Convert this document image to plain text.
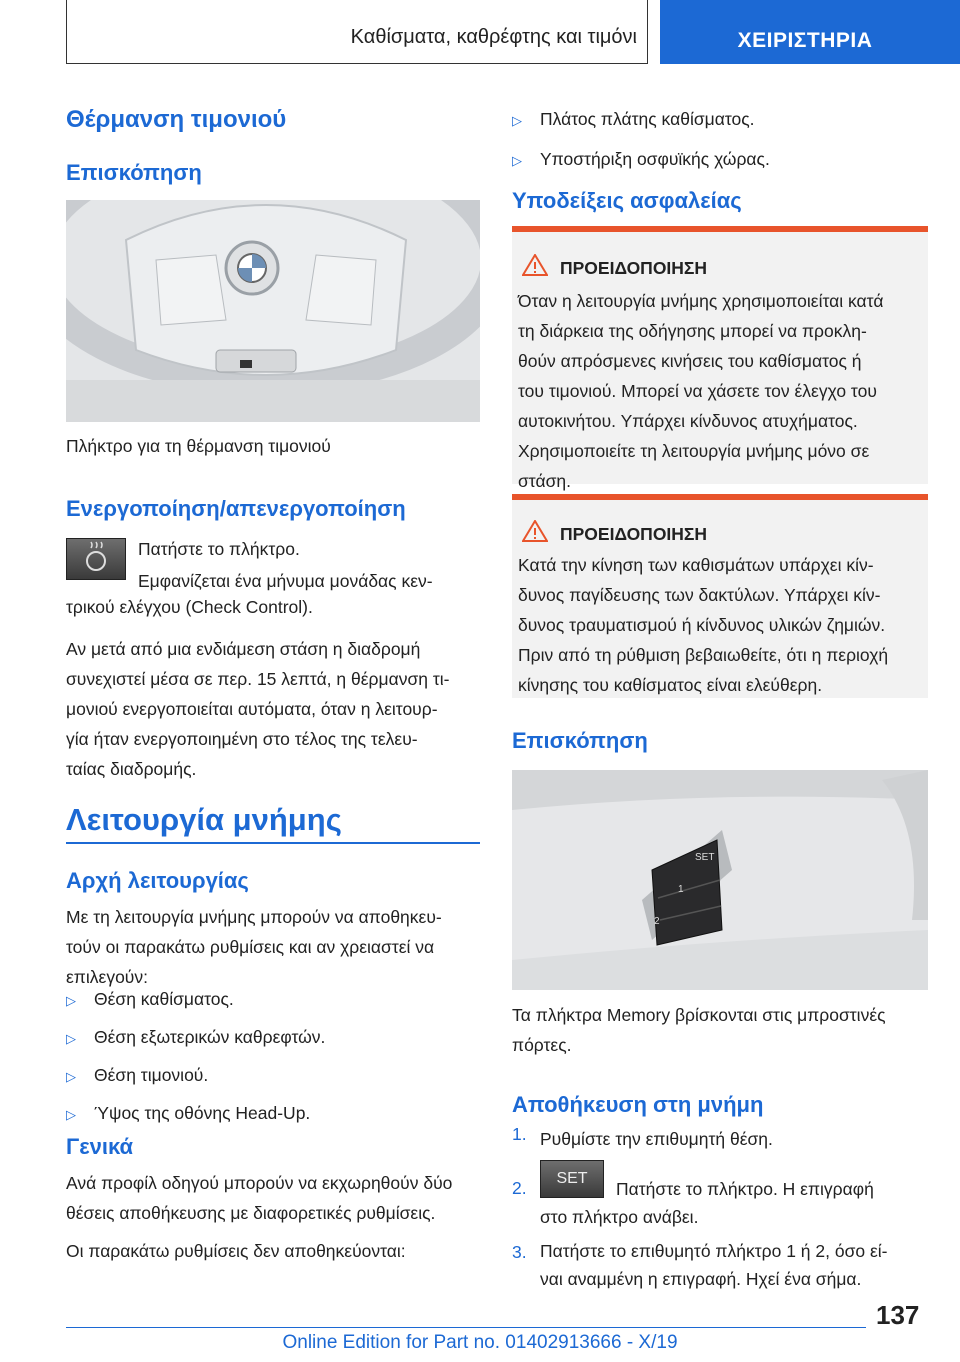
Καθίσματα, καθρέφτης και τιμόνι	ΧΕΙΡΙΣΤΗΡΙΑ
Θέρμανση τιμονιού
Επισκόπηση
Πλήκτρο για τη θέρμανση τιμονιού
Ενεργοποίηση/απενεργοποίηση
Πατήστε το πλήκτρο.
Εμφανίζεται ένα μήνυμα μονάδας κεν-
τρικού ελέγχου (Check Control).
Αν μετά από μια ενδιάμεση στάση η διαδρομή
συνεχιστεί μέσα σε περ. 15 λεπτά, η θέρμανση τι-
μονιού ενεργοποιείται αυτόματα, όταν η λειτουρ-
γία ήταν ενεργοποιημένη στο τέλος της τελευ-
ταίας διαδρομής.
Λειτουργία μνήμης
Αρχή λειτουργίας
Με τη λειτουργία μνήμης μπορούν να αποθηκευ-
τούν οι παρακάτω ρυθμίσεις και αν χρειαστεί να
επιλεγούν:
▷ Θέση καθίσματος.
▷ Θέση εξωτερικών καθρεφτών.
▷ Θέση τιμονιού.
▷ Ύψος της οθόνης Head-Up.
Γενικά
Ανά προφίλ οδηγού μπορούν να εκχωρηθούν δύο
θέσεις αποθήκευσης με διαφορετικές ρυθμίσεις.
Οι παρακάτω ρυθμίσεις δεν αποθηκεύονται:
▷ Πλάτος πλάτης καθίσματος.
▷ Υποστήριξη οσφυϊκής χώρας.
Υποδείξεις ασφαλείας
ΠΡΟΕΙΔΟΠΟΙΗΣΗ
Όταν η λειτουργία μνήμης χρησιμοποιείται κατά
τη διάρκεια της οδήγησης μπορεί να προκλη-
θούν απρόσμενες κινήσεις του καθίσματος ή
του τιμονιού. Μπορεί να χάσετε τον έλεγχο του
αυτοκινήτου. Υπάρχει κίνδυνος ατυχήματος.
Χρησιμοποιείτε τη λειτουργία μνήμης μόνο σε
στάση.
ΠΡΟΕΙΔΟΠΟΙΗΣΗ
Κατά την κίνηση των καθισμάτων υπάρχει κίν-
δυνος παγίδευσης των δακτύλων. Υπάρχει κίν-
δυνος τραυματισμού ή κίνδυνος υλικών ζημιών.
Πριν από τη ρύθμιση βεβαιωθείτε, ότι η περιοχή
κίνησης του καθίσματος είναι ελεύθερη.
Επισκόπηση
SET
1
2
Τα πλήκτρα Memory βρίσκονται στις μπροστινές
πόρτες.
Αποθήκευση στη μνήμη
1. Ρυθμίστε την επιθυμητή θέση.
2.	SET
Πατήστε το πλήκτρο. Η επιγραφή
στο πλήκτρο ανάβει.
3. Πατήστε το επιθυμητό πλήκτρο 1 ή 2, όσο εί-
ναι αναμμένη η επιγραφή. Ηχεί ένα σήμα.
137
Online Edition for Part no. 01402913666 - X/19
